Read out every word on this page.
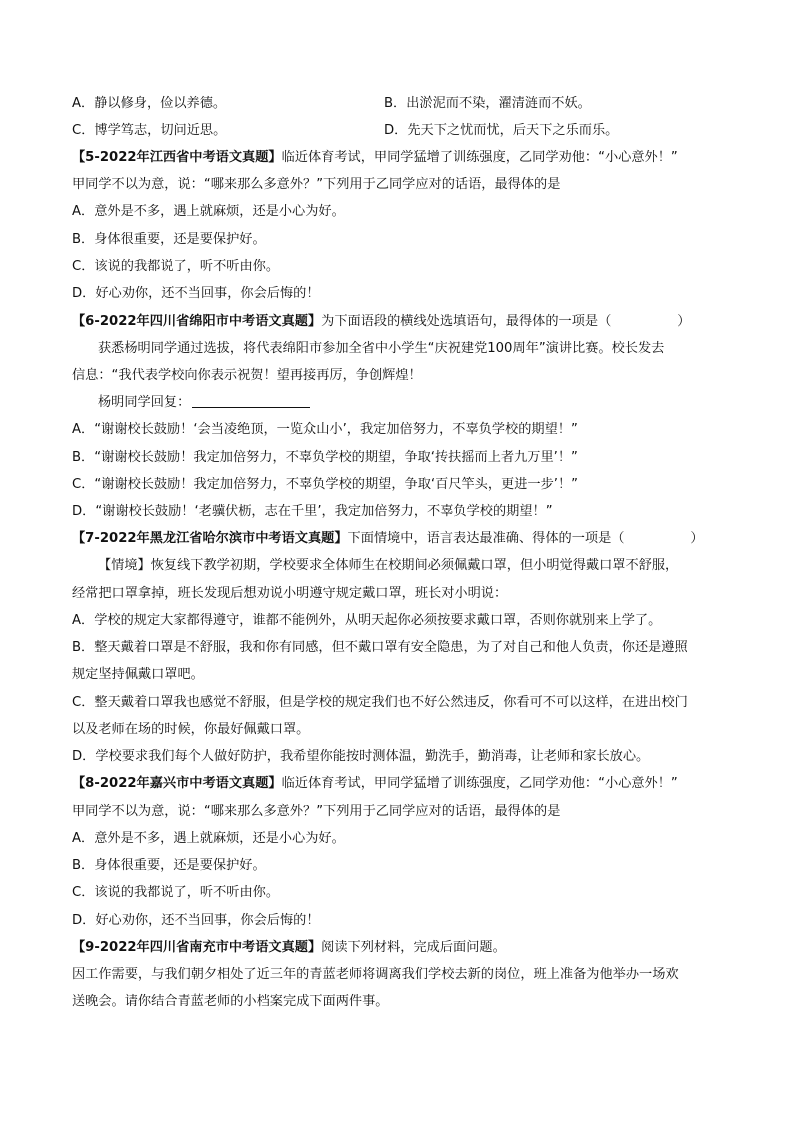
A．静以修身，俭以养德。	B．出淤泥而不染，濯清涟而不妖。
C．博学笃志，切问近思。	D．先天下之忧而忧，后天下之乐而乐。
【5-2022年江西省中考语文真题】临近体育考试，甲同学猛增了训练强度，乙同学劝他：“小心意外！”
甲同学不以为意，说：“哪来那么多意外？”下列用于乙同学应对的话语，最得体的是
A．意外是不多，遇上就麻烦，还是小心为好。
B．身体很重要，还是要保护好。
C．该说的我都说了，听不听由你。
D．好心劝你，还不当回事，你会后悔的！
【6-2022年四川省绵阳市中考语文真题】为下面语段的横线处选填语句，最得体的一项是（　　　　　）
获悉杨明同学通过选拔，将代表绵阳市参加全省中小学生“庆祝建党100周年”演讲比赛。校长发去
信息：“我代表学校向你表示祝贺！望再接再厉，争创辉煌！
杨明同学回复：
A．“谢谢校长鼓励！‘会当凌绝顶，一览众山小’，我定加倍努力，不辜负学校的期望！”
B．“谢谢校长鼓励！我定加倍努力，不辜负学校的期望，争取‘抟扶摇而上者九万里’！”
C．“谢谢校长鼓励！我定加倍努力，不辜负学校的期望，争取‘百尺竿头，更进一步’！”
D．“谢谢校长鼓励！‘老骥伏枥，志在千里’，我定加倍努力，不辜负学校的期望！”
【7-2022年黑龙江省哈尔滨市中考语文真题】下面情境中，语言表达最准确、得体的一项是（　　　　　）
【情境】恢复线下教学初期，学校要求全体师生在校期间必须佩戴口罩，但小明觉得戴口罩不舒服，
经常把口罩拿掉，班长发现后想劝说小明遵守规定戴口罩，班长对小明说：
A．学校的规定大家都得遵守，谁都不能例外，从明天起你必须按要求戴口罩，否则你就别来上学了。
B．整天戴着口罩是不舒服，我和你有同感，但不戴口罩有安全隐患，为了对自己和他人负责，你还是遵照
规定坚持佩戴口罩吧。
C．整天戴着口罩我也感觉不舒服，但是学校的规定我们也不好公然违反，你看可不可以这样，在进出校门
以及老师在场的时候，你最好佩戴口罩。
D．学校要求我们每个人做好防护，我希望你能按时测体温，勤洗手，勤消毒，让老师和家长放心。
【8-2022年嘉兴市中考语文真题】临近体育考试，甲同学猛增了训练强度，乙同学劝他：“小心意外！”
甲同学不以为意，说：“哪来那么多意外？”下列用于乙同学应对的话语，最得体的是
A．意外是不多，遇上就麻烦，还是小心为好。
B．身体很重要，还是要保护好。
C．该说的我都说了，听不听由你。
D．好心劝你，还不当回事，你会后悔的！
【9-2022年四川省南充市中考语文真题】阅读下列材料，完成后面问题。
因工作需要，与我们朝夕相处了近三年的青蓝老师将调离我们学校去新的岗位，班上准备为他举办一场欢
送晚会。请你结合青蓝老师的小档案完成下面两件事。
